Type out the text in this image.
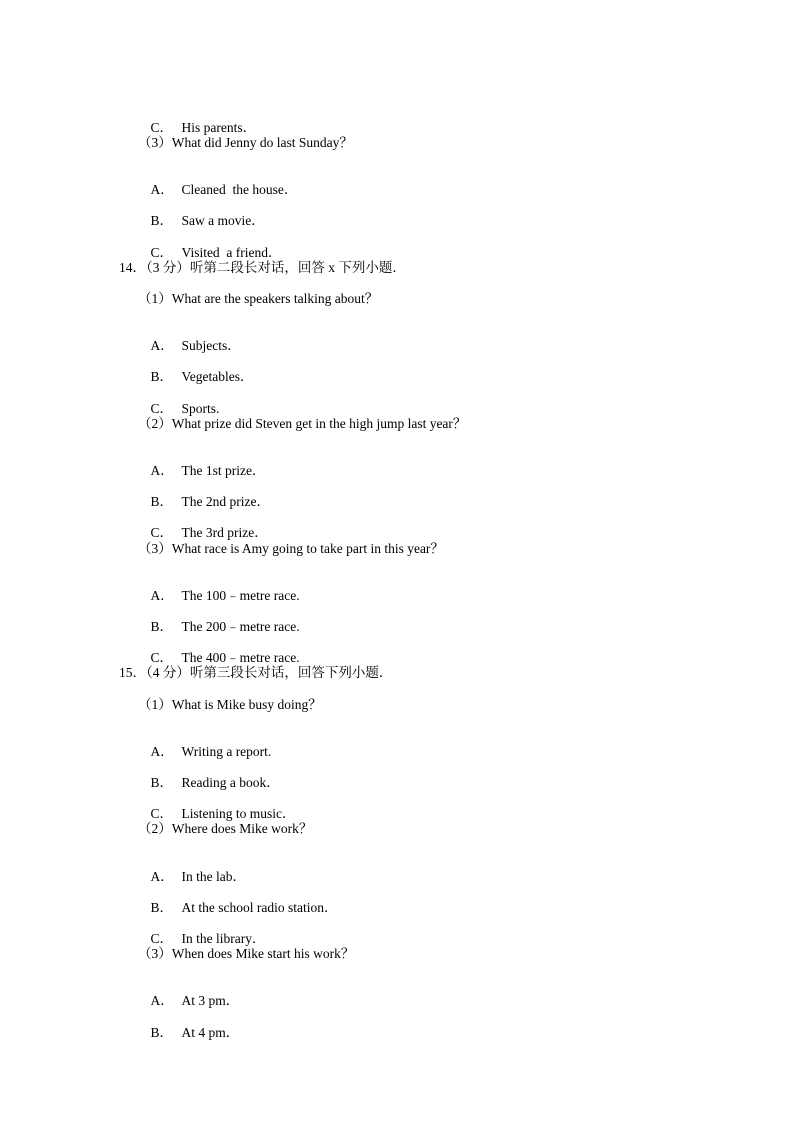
C． His parents．

（3）What did Jenny do last Sunday？

A． Cleaned  the house．

B． Saw a movie．

C． Visited  a friend．

14．（3 分）听第二段长对话，回答 x 下列小题．
（1）What are the speakers talking about？

A． Subjects．

B． Vegetables．

C． Sports.

（2）What prize did Steven get in the high jump last year？

A． The 1st prize．

B． The 2nd prize．

C． The 3rd prize．

（3）What race is Amy going to take part in this year？

A． The 100﹣metre race.

B． The 200﹣metre race.

C． The 400﹣metre race.

15．（4 分）听第三段长对话，回答下列小题．
（1）What is Mike busy doing？

A． Writing a report.

B． Reading a book．

C． Listening to music．

（2）Where does Mike work？

A． In the lab．

B． At the school radio station．

C． In the library．

（3）When does Mike start his work？

A． At 3 pm．

B． At 4 pm．
